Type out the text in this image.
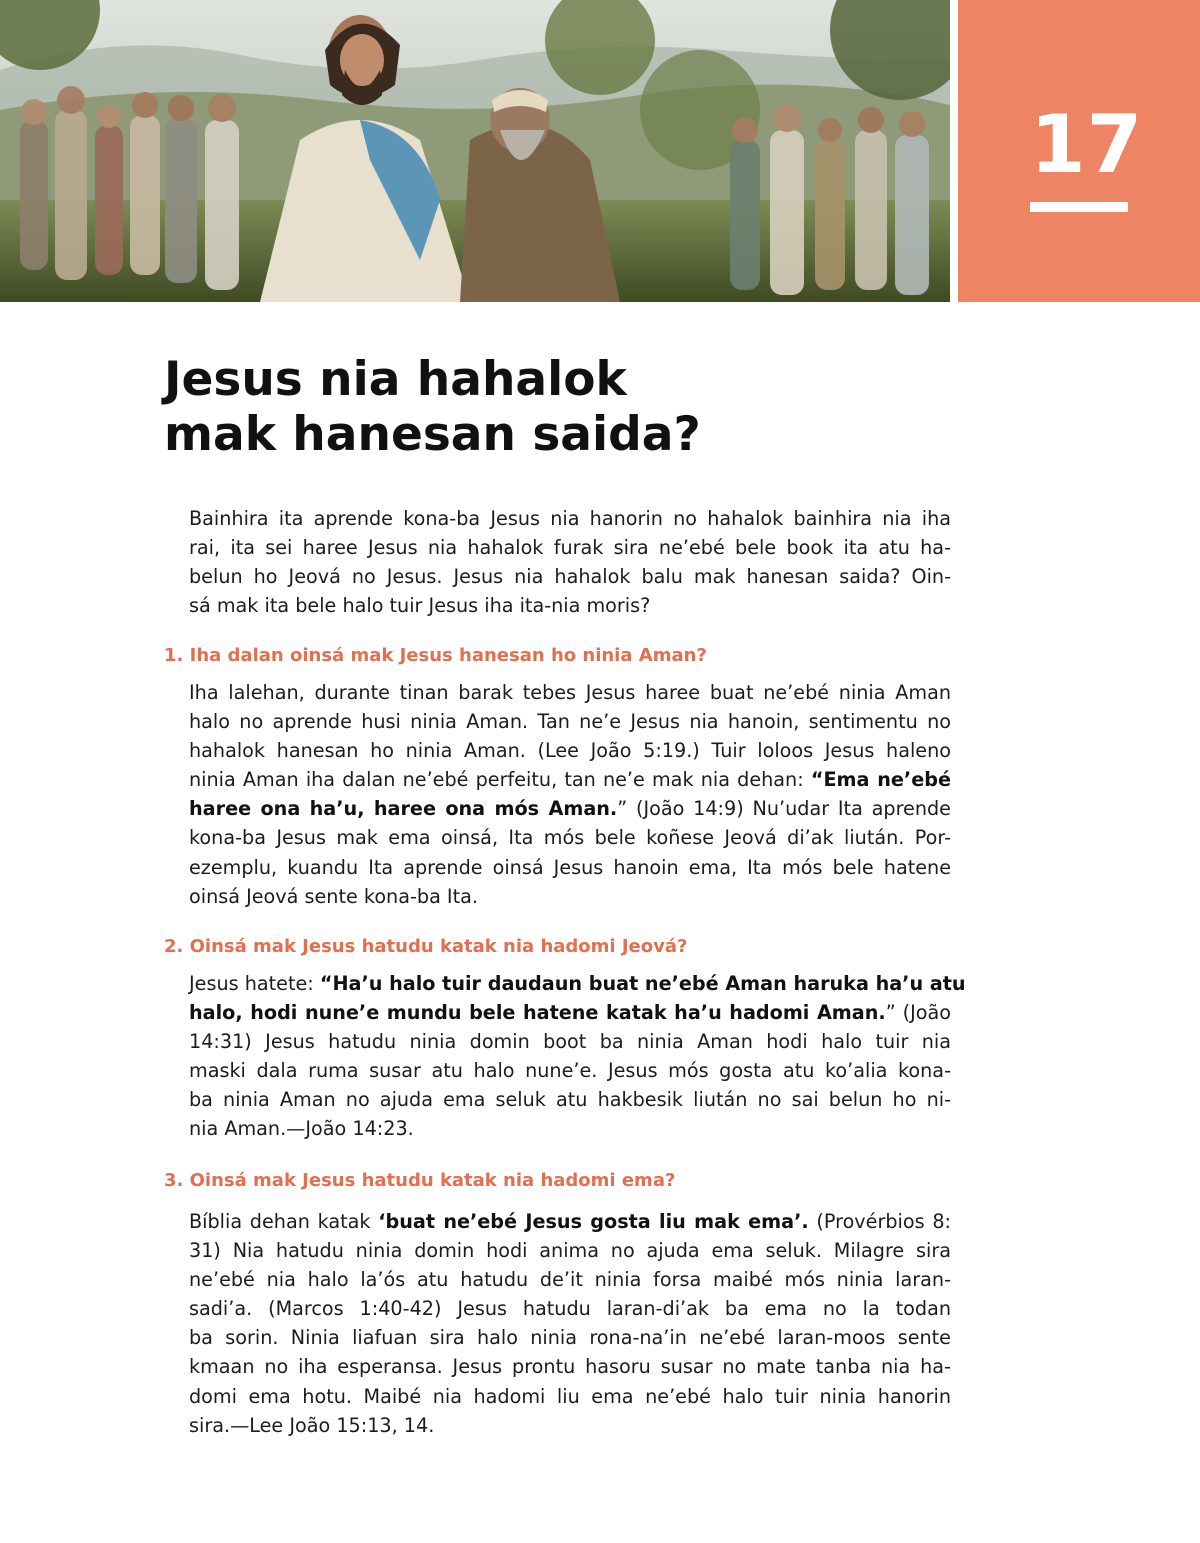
17
Jesus nia hahalok
mak hanesan saida?
Bainhira ita aprende kona-ba Jesus nia hanorin no hahalok bainhira nia iha
rai, ita sei haree Jesus nia hahalok furak sira ne’ebé bele book ita atu ha-
belun ho Jeová no Jesus. Jesus nia hahalok balu mak hanesan saida? Oin-
sá mak ita bele halo tuir Jesus iha ita-nia moris?
1. Iha dalan oinsá mak Jesus hanesan ho ninia Aman?
Iha lalehan, durante tinan barak tebes Jesus haree buat ne’ebé ninia Aman
halo no aprende husi ninia Aman. Tan ne’e Jesus nia hanoin, sentimentu no
hahalok hanesan ho ninia Aman. (Lee João 5:19.) Tuir loloos Jesus haleno
ninia Aman iha dalan ne’ebé perfeitu, tan ne’e mak nia dehan: “Ema ne’ebé
haree ona ha’u, haree ona mós Aman.” (João 14:9) Nu’udar Ita aprende
kona-ba Jesus mak ema oinsá, Ita mós bele koñese Jeová di’ak liután. Por-
ezemplu, kuandu Ita aprende oinsá Jesus hanoin ema, Ita mós bele hatene
oinsá Jeová sente kona-ba Ita.
2. Oinsá mak Jesus hatudu katak nia hadomi Jeová?
Jesus hatete: “Ha’u halo tuir daudaun buat ne’ebé Aman haruka ha’u atu
halo, hodi nune’e mundu bele hatene katak ha’u hadomi Aman.” (João
14:31) Jesus hatudu ninia domin boot ba ninia Aman hodi halo tuir nia
maski dala ruma susar atu halo nune’e. Jesus mós gosta atu ko’alia kona-
ba ninia Aman no ajuda ema seluk atu hakbesik liután no sai belun ho ni-
nia Aman.—João 14:23.
3. Oinsá mak Jesus hatudu katak nia hadomi ema?
Bíblia dehan katak ‘buat ne’ebé Jesus gosta liu mak ema’. (Provérbios 8:
31) Nia hatudu ninia domin hodi anima no ajuda ema seluk. Milagre sira
ne’ebé nia halo la’ós atu hatudu de’it ninia forsa maibé mós ninia laran-
sadi’a. (Marcos 1:40-42) Jesus hatudu laran-di’ak ba ema no la todan
ba sorin. Ninia liafuan sira halo ninia rona-na’in ne’ebé laran-moos sente
kmaan no iha esperansa. Jesus prontu hasoru susar no mate tanba nia ha-
domi ema hotu. Maibé nia hadomi liu ema ne’ebé halo tuir ninia hanorin
sira.—Lee João 15:13, 14.
